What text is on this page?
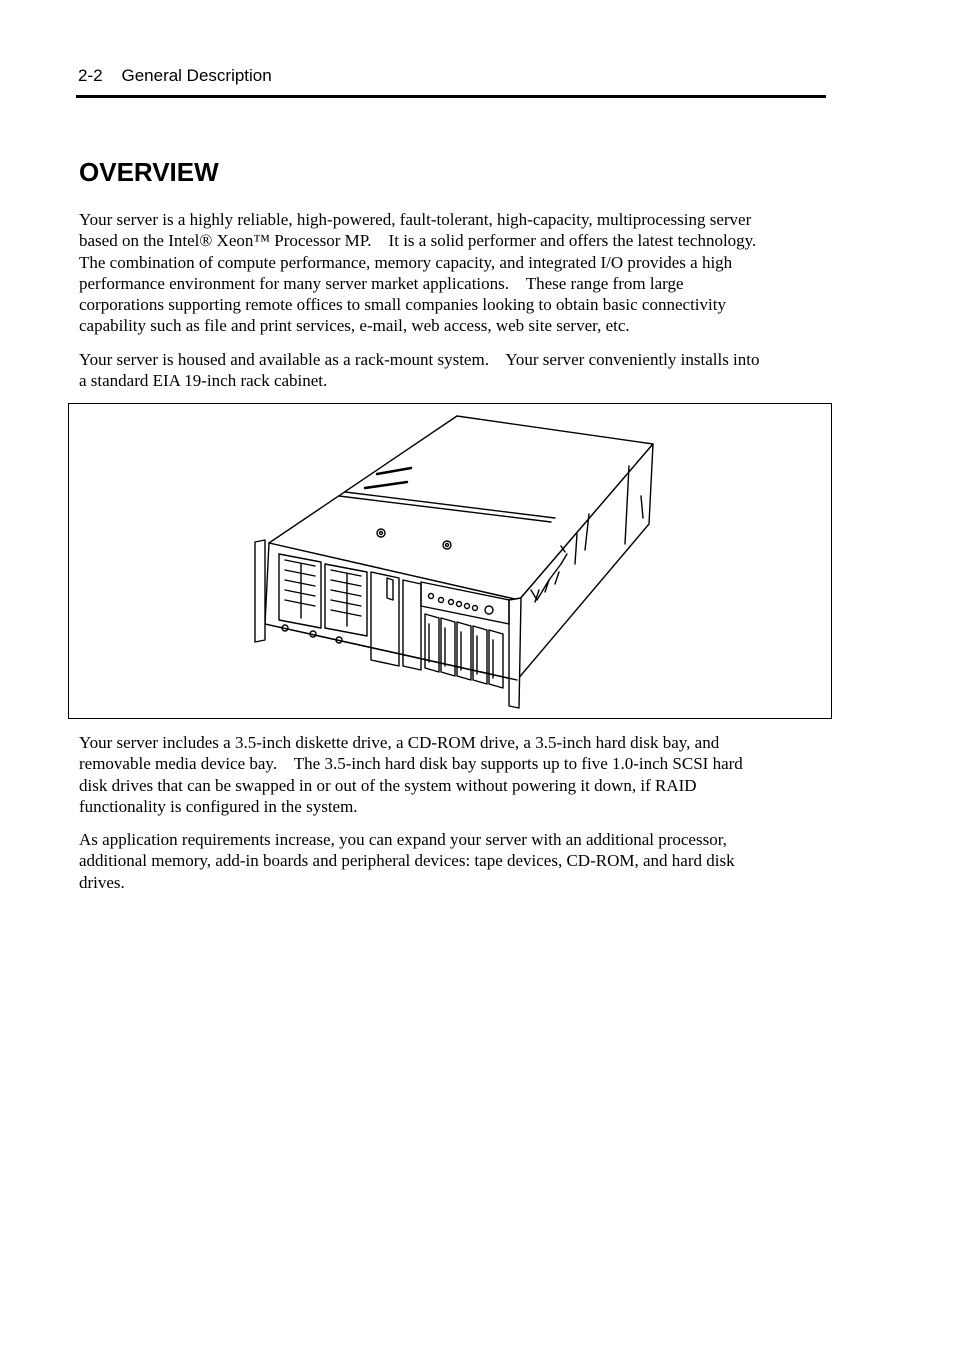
2-2 General Description
OVERVIEW

Your server is a highly reliable, high-powered, fault-tolerant, high-capacity, multiprocessing server
based on the Intel® Xeon™ Processor MP.    It is a solid performer and offers the latest technology.
The combination of compute performance, memory capacity, and integrated I/O provides a high
performance environment for many server market applications.    These range from large
corporations supporting remote offices to small companies looking to obtain basic connectivity
capability such as file and print services, e-mail, web access, web site server, etc.

Your server is housed and available as a rack-mount system.    Your server conveniently installs into
a standard EIA 19-inch rack cabinet.

Your server includes a 3.5-inch diskette drive, a CD-ROM drive, a 3.5-inch hard disk bay, and
removable media device bay.    The 3.5-inch hard disk bay supports up to five 1.0-inch SCSI hard
disk drives that can be swapped in or out of the system without powering it down, if RAID
functionality is configured in the system.

As application requirements increase, you can expand your server with an additional processor,
additional memory, add-in boards and peripheral devices: tape devices, CD-ROM, and hard disk
drives.
